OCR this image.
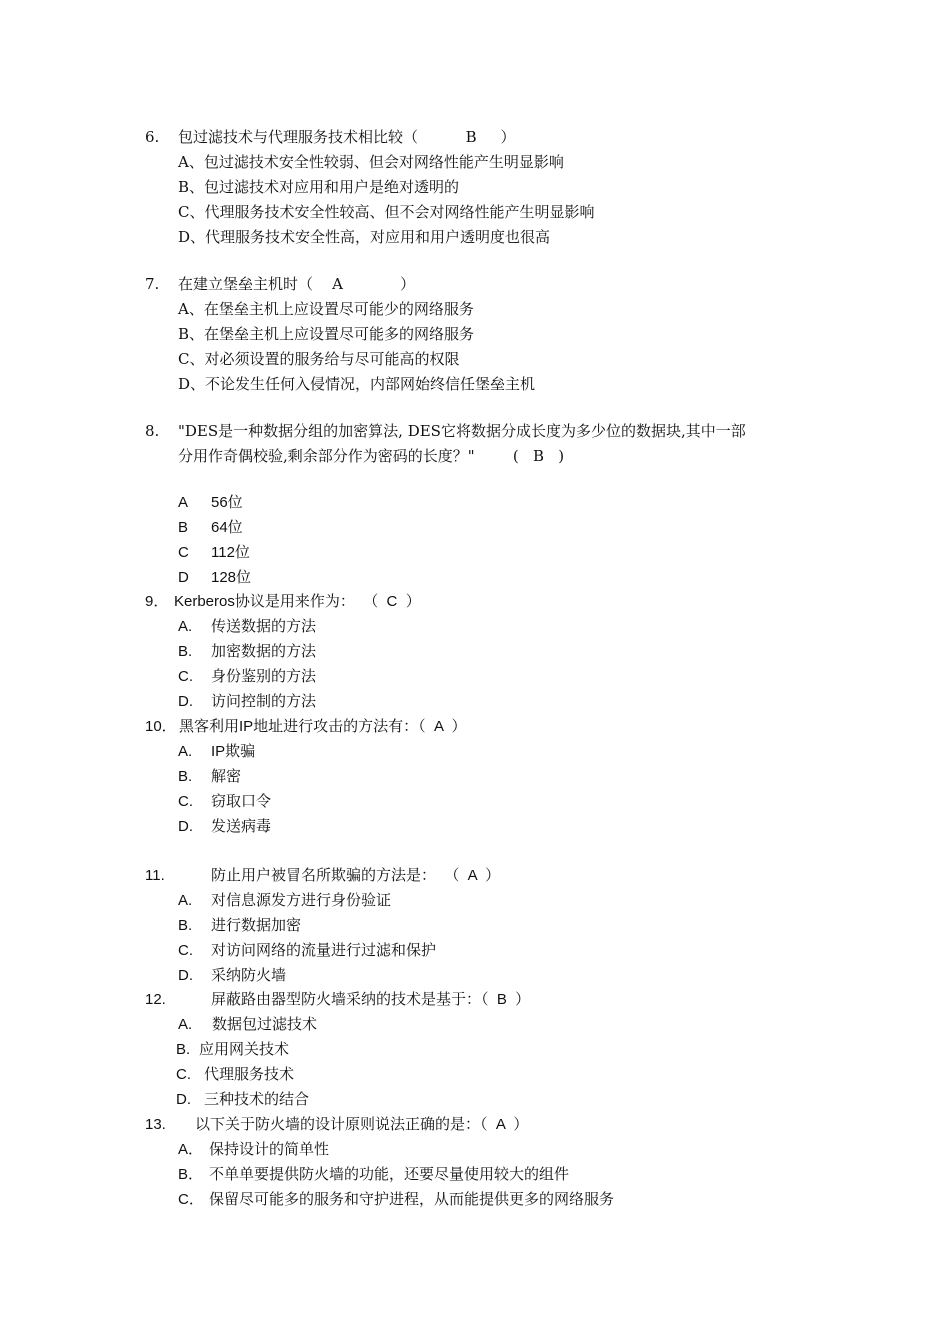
6. 包过滤技术与代理服务技术相比较（          B     ）
A、包过滤技术安全性较弱、但会对网络性能产生明显影响
B、包过滤技术对应用和用户是绝对透明的
C、代理服务技术安全性较高、但不会对网络性能产生明显影响
D、代理服务技术安全性高，对应用和用户透明度也很高
7. 在建立堡垒主机时（    A            ）
A、在堡垒主机上应设置尽可能少的网络服务
B、在堡垒主机上应设置尽可能多的网络服务
C、对必须设置的服务给与尽可能高的权限
D、不论发生任何入侵情况，内部网始终信任堡垒主机
8. "DES是一种数据分组的加密算法, DES它将数据分成长度为多少位的数据块,其中一部
分用作奇偶校验,剩余部分作为密码的长度？"        (   B   )
A 56位
B 64位
C 112位
D 128位
9． Kerberos协议是用来作为：  （  C  ）
A. 传送数据的方法
B. 加密数据的方法
C. 身份鉴别的方法
D. 访问控制的方法
10． 黑客利用IP地址进行攻击的方法有：（  A  ）
A. IP欺骗
B. 解密
C. 窃取口令
D. 发送病毒
11.	防止用户被冒名所欺骗的方法是：  （  A  ）
A. 对信息源发方进行身份验证
B. 进行数据加密
C. 对访问网络的流量进行过滤和保护
D. 采纳防火墙
12.	屏蔽路由器型防火墙采纳的技术是基于：（  B  ）
A. 数据包过滤技术
B. 应用网关技术
C. 代理服务技术
D. 三种技术的结合
13. 以下关于防火墙的设计原则说法正确的是：（  A  ）
A． 保持设计的简单性
B． 不单单要提供防火墙的功能，还要尽量使用较大的组件
C． 保留尽可能多的服务和守护进程，从而能提供更多的网络服务
